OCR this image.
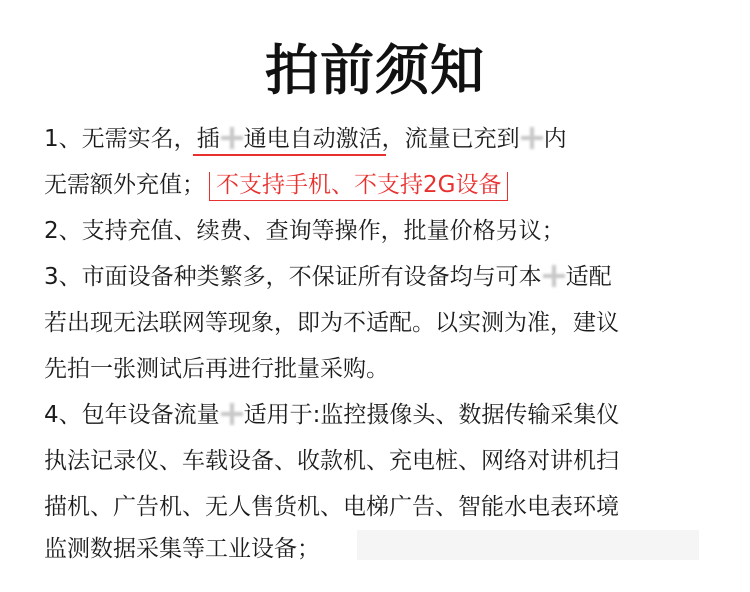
拍前须知
1、无需实名，插 通电自动激活，流量已充到 内
无需额外充值； 不支持手机、不支持2G设备
2、支持充值、续费、查询等操作，批量价格另议；
3、市面设备种类繁多，不保证所有设备均与可本 适配
若出现无法联网等现象，即为不适配。以实测为准，建议
先拍一张测试后再进行批量采购。
4、包年设备流量 适用于:监控摄像头、数据传输采集仪
执法记录仪、车载设备、收款机、充电桩、网络对讲机扫
描机、广告机、无人售货机、电梯广告、智能水电表环境
监测数据采集等工业设备；
